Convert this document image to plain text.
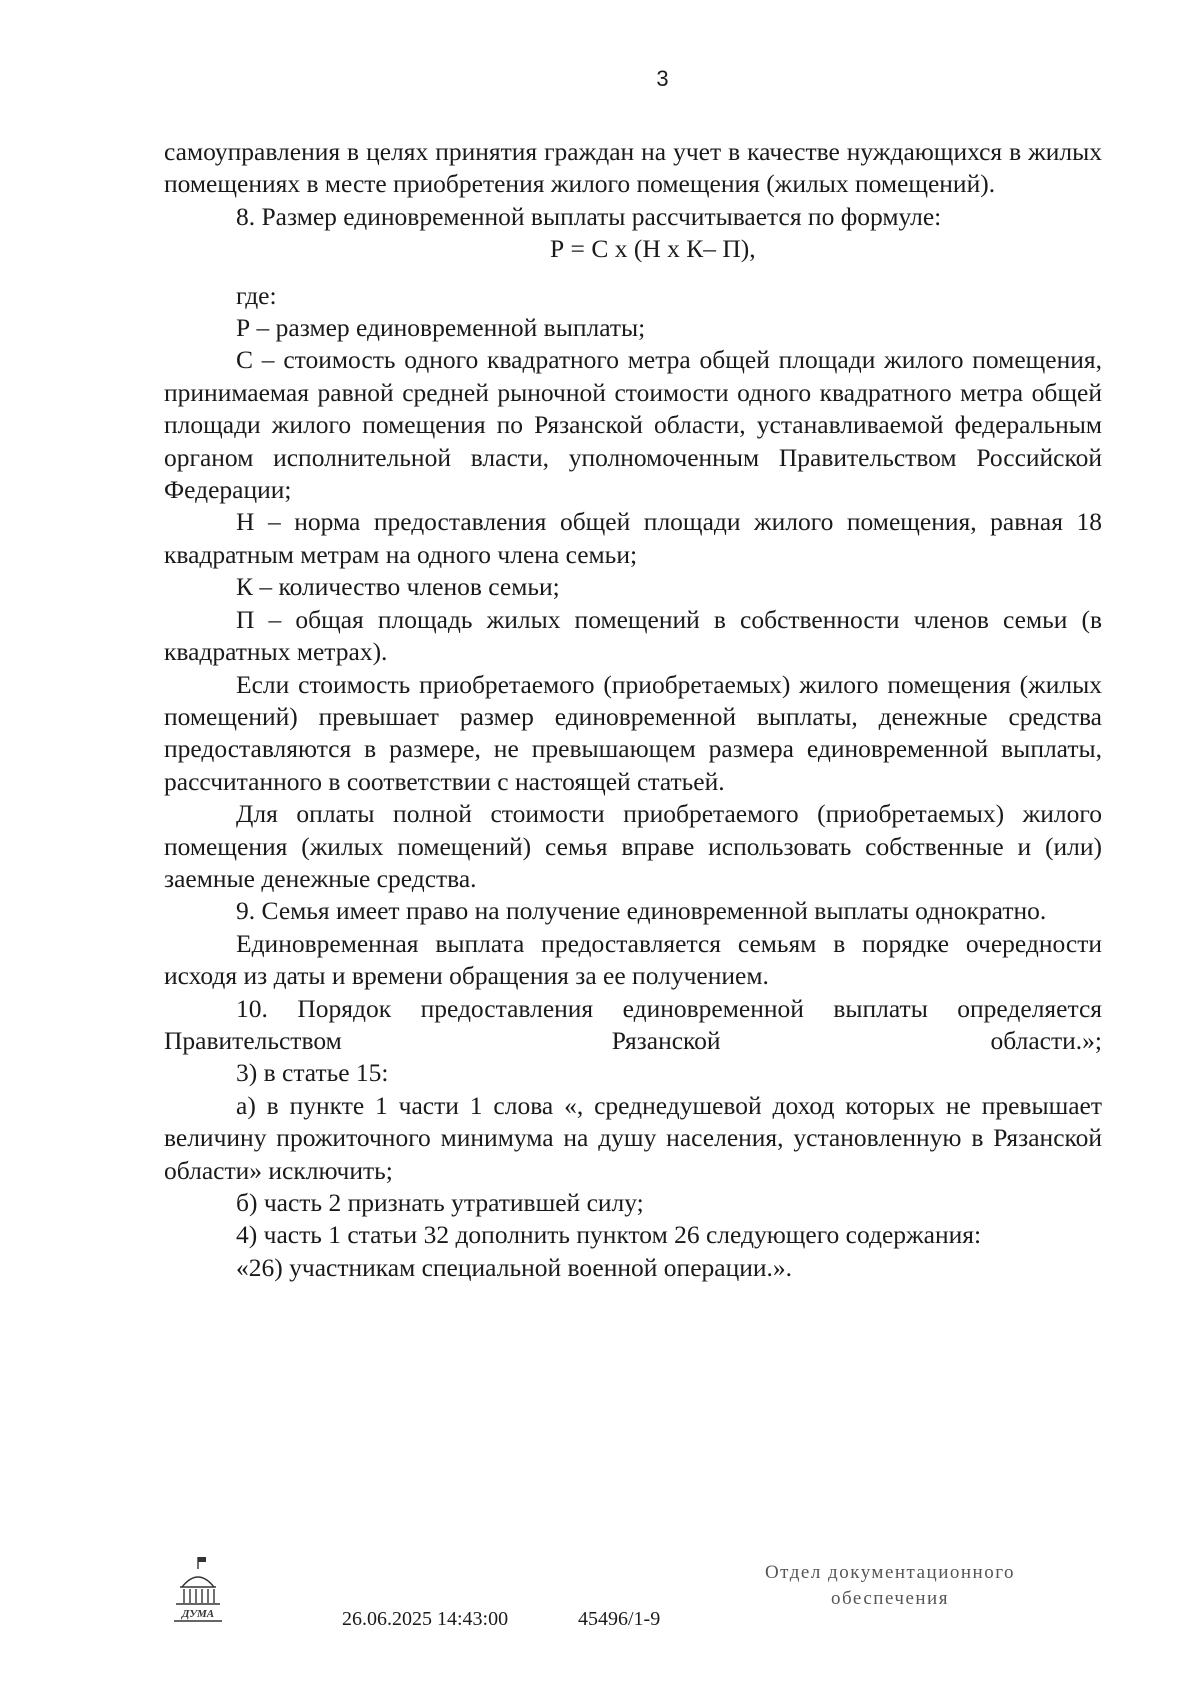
3

самоуправления в целях принятия граждан на учет в качестве нуждающихся в жилых помещениях в месте приобретения жилого помещения (жилых помещений).

8. Размер единовременной выплаты рассчитывается по формуле:

Р = С х (Н х К– П),

где:

Р – размер единовременной выплаты;

С – стоимость одного квадратного метра общей площади жилого помещения, принимаемая равной средней рыночной стоимости одного квадратного метра общей площади жилого помещения по Рязанской области, устанавливаемой федеральным органом исполнительной власти, уполномоченным Правительством Российской Федерации;

Н – норма предоставления общей площади жилого помещения, равная 18 квадратным метрам на одного члена семьи;

К – количество членов семьи;

П – общая площадь жилых помещений в собственности членов семьи (в квадратных метрах).

Если стоимость приобретаемого (приобретаемых) жилого помещения (жилых помещений) превышает размер единовременной выплаты, денежные средства предоставляются в размере, не превышающем размера единовременной выплаты, рассчитанного в соответствии с настоящей статьей.

Для оплаты полной стоимости приобретаемого (приобретаемых) жилого помещения (жилых помещений) семья вправе использовать собственные и (или) заемные денежные средства.

9. Семья имеет право на получение единовременной выплаты однократно.

Единовременная выплата предоставляется семьям в порядке очередности исходя из даты и времени обращения за ее получением.

10. Порядок предоставления единовременной выплаты определяется Правительством Рязанской области.»;

3) в статье 15:

а) в пункте 1 части 1 слова «, среднедушевой доход которых не превышает величину прожиточного минимума на душу населения, установленную в Рязанской области» исключить;

б) часть 2 признать утратившей силу;

4) часть 1 статьи 32 дополнить пунктом 26 следующего содержания:

«26) участникам специальной военной операции.».

ДУМА	26.06.2025 14:43:00	45496/1-9
Отдел документационного
обеспечения
